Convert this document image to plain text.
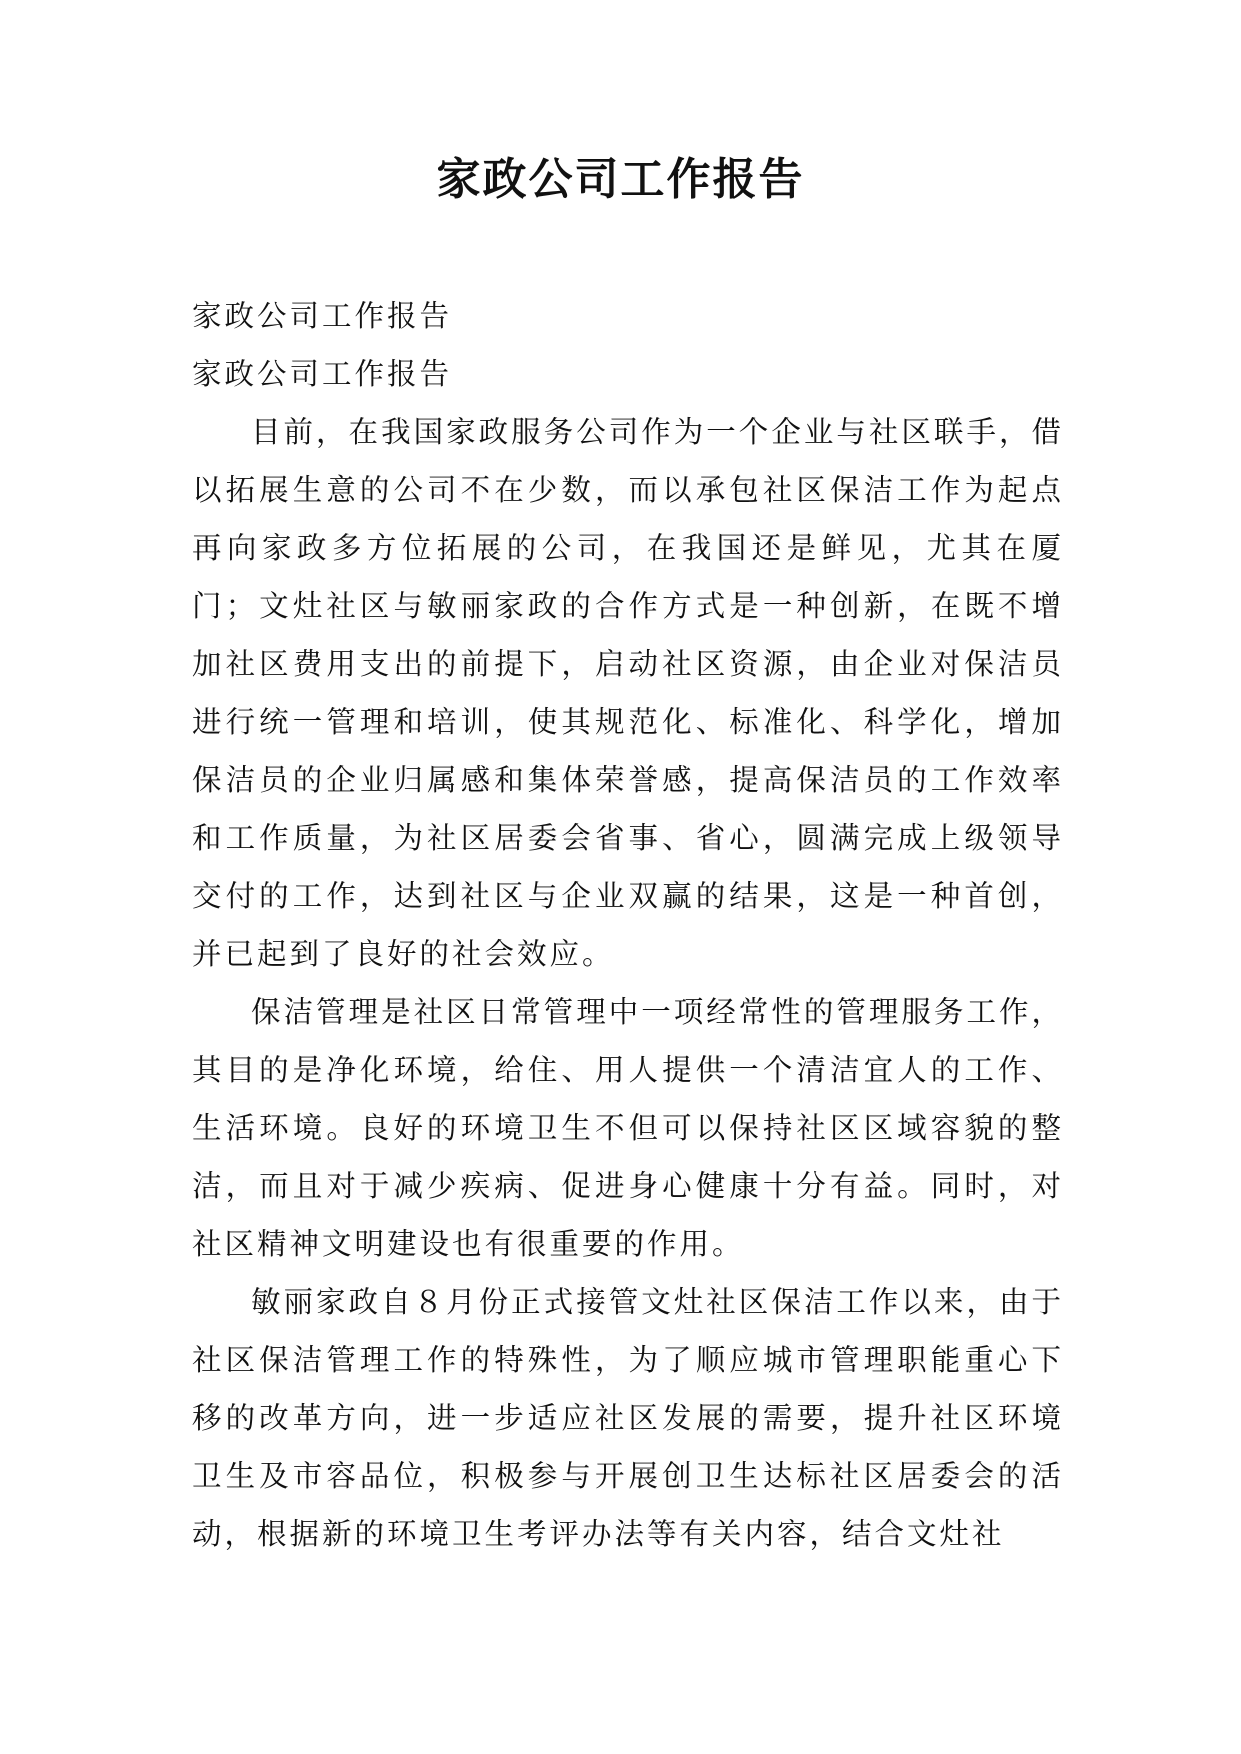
家政公司工作报告

家政公司工作报告

家政公司工作报告

目前，在我国家政服务公司作为一个企业与社区联手，借以拓展生意的公司不在少数，而以承包社区保洁工作为起点再向家政多方位拓展的公司，在我国还是鲜见，尤其在厦门；文灶社区与敏丽家政的合作方式是一种创新，在既不增加社区费用支出的前提下，启动社区资源，由企业对保洁员进行统一管理和培训，使其规范化、标准化、科学化，增加保洁员的企业归属感和集体荣誉感，提高保洁员的工作效率和工作质量，为社区居委会省事、省心，圆满完成上级领导交付的工作，达到社区与企业双赢的结果，这是一种首创，并已起到了良好的社会效应。

保洁管理是社区日常管理中一项经常性的管理服务工作，其目的是净化环境，给住、用人提供一个清洁宜人的工作、生活环境。良好的环境卫生不但可以保持社区区域容貌的整洁，而且对于减少疾病、促进身心健康十分有益。同时，对社区精神文明建设也有很重要的作用。

敏丽家政自８月份正式接管文灶社区保洁工作以来，由于社区保洁管理工作的特殊性，为了顺应城市管理职能重心下移的改革方向，进一步适应社区发展的需要，提升社区环境卫生及市容品位，积极参与开展创卫生达标社区居委会的活动，根据新的环境卫生考评办法等有关内容，结合文灶社
